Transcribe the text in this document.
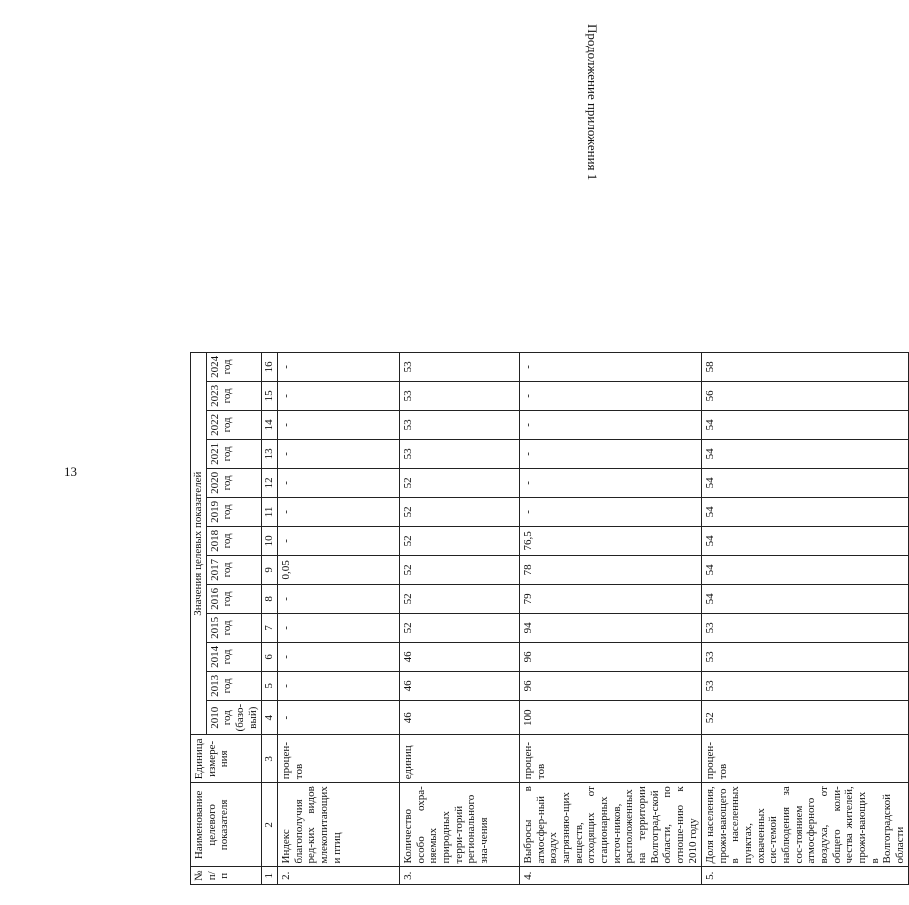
13
Продолжение приложения 1
№ п/п	Наименование целевого показателя	Единица измере-ния	Значения целевых показателей												
			2010 год (базо-вый)	2013 год	2014 год	2015 год	2016 год	2017 год	2018 год	2019 год	2020 год	2021 год	2022 год	2023 год	2024 год
1	2	3	4	5	6	7	8	9	10	11	12	13	14	15	16
2.	Индекс благополучия ред-ких видов млекопитающих и птиц	процен-тов	-	-	-	-	-	0,05	-	-	-	-	-	-	-
3.	Количество особо охра-няемых природных терри-торий регионального зна-чения	единиц	46	46	46	52	52	52	52	52	52	53	53	53	53
4.	Выбросы в атмосфер-ный воздух загрязняю-щих веществ, отходящих от стационарных источ-ников, расположенных на территории Волгоград-ской области, по отноше-нию к 2010 году	процен-тов	100	96	96	94	79	78	76,5	-	-	-	-	-	-
5.	Доля населения, прожи-вающего в населенных пунктах, охваченных сис-темой наблюдения за сос-тоянием атмосферного воздуха, от общего коли-чества жителей, прожи-вающих в Волгоградской области	процен-тов	52	53	53	53	54	54	54	54	54	54	54	56	58
